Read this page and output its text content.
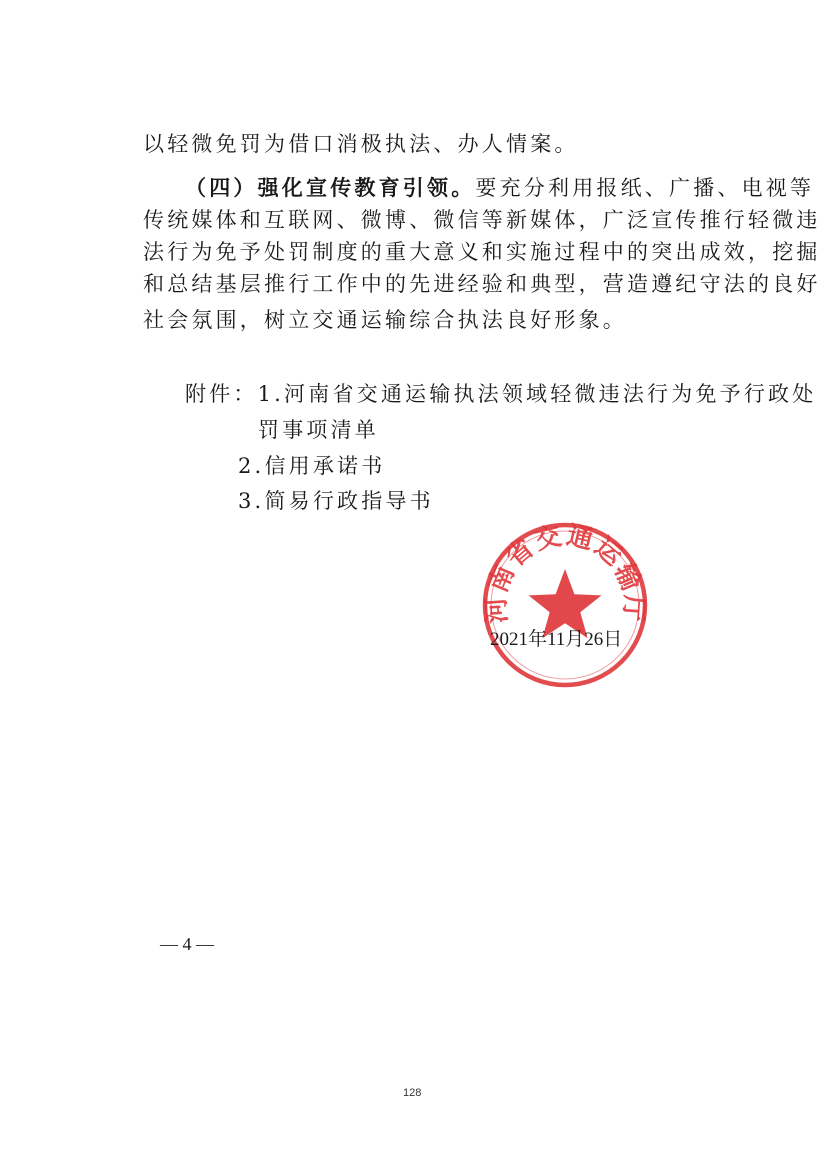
以轻微免罚为借口消极执法、办人情案。
（四）强化宣传教育引领。要充分利用报纸、广播、电视等
传统媒体和互联网、微博、微信等新媒体，广泛宣传推行轻微违
法行为免予处罚制度的重大意义和实施过程中的突出成效，挖掘
和总结基层推行工作中的先进经验和典型，营造遵纪守法的良好
社会氛围，树立交通运输综合执法良好形象。
附件：1.河南省交通运输执法领域轻微违法行为免予行政处
罚事项清单
2.信用承诺书
3.简易行政指导书
河南省交通运输厅
2021年11月26日
— 4 —
128
